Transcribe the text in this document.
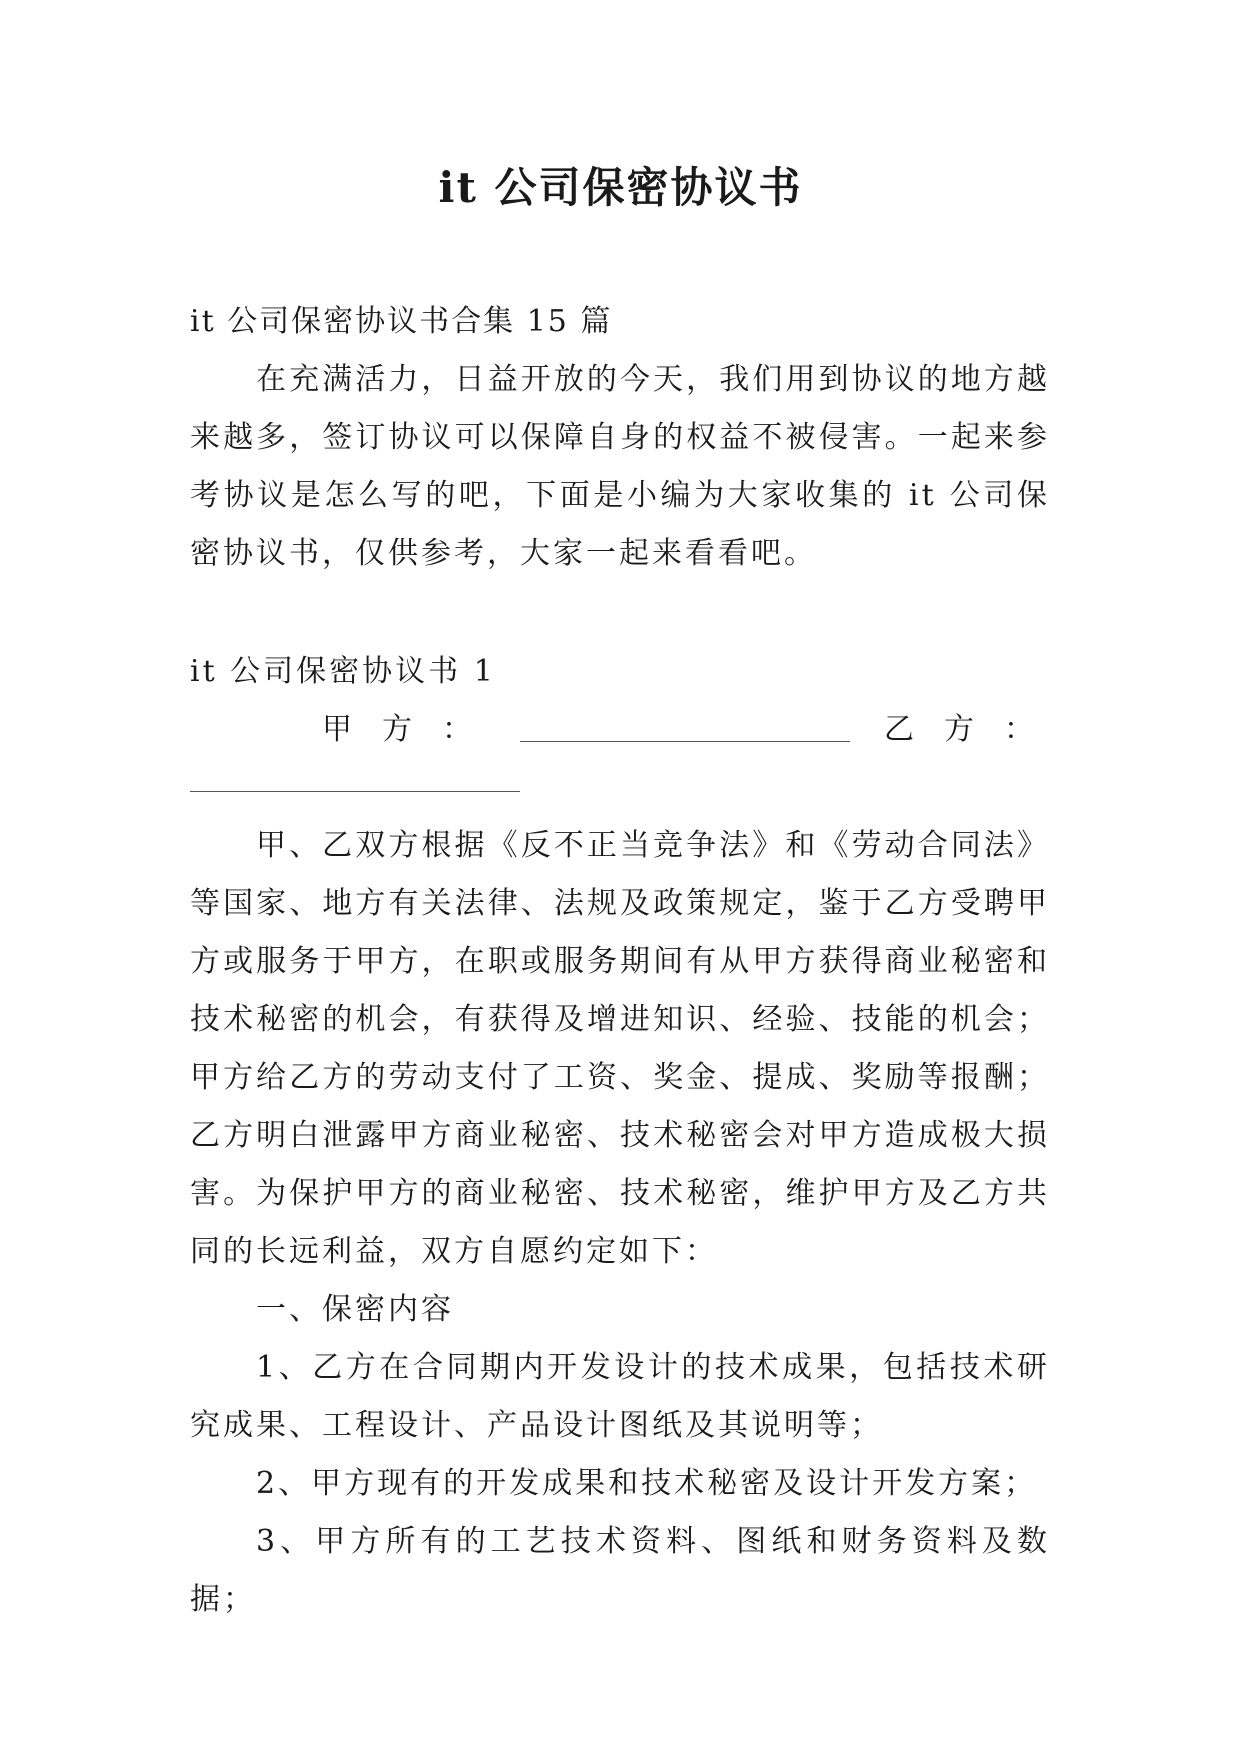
it 公司保密协议书

it 公司保密协议书合集 15 篇

在充满活力，日益开放的今天，我们用到协议的地方越来越多，签订协议可以保障自身的权益不被侵害。一起来参考协议是怎么写的吧，下面是小编为大家收集的 it 公司保密协议书，仅供参考，大家一起来看看吧。

it 公司保密协议书 1

甲方：	乙方：

甲、乙双方根据《反不正当竞争法》和《劳动合同法》等国家、地方有关法律、法规及政策规定，鉴于乙方受聘甲方或服务于甲方，在职或服务期间有从甲方获得商业秘密和技术秘密的机会，有获得及增进知识、经验、技能的机会；甲方给乙方的劳动支付了工资、奖金、提成、奖励等报酬；乙方明白泄露甲方商业秘密、技术秘密会对甲方造成极大损害。为保护甲方的商业秘密、技术秘密，维护甲方及乙方共同的长远利益，双方自愿约定如下：

一、保密内容

1、乙方在合同期内开发设计的技术成果，包括技术研究成果、工程设计、产品设计图纸及其说明等；

2、甲方现有的开发成果和技术秘密及设计开发方案；

3、甲方所有的工艺技术资料、图纸和财务资料及数据；
